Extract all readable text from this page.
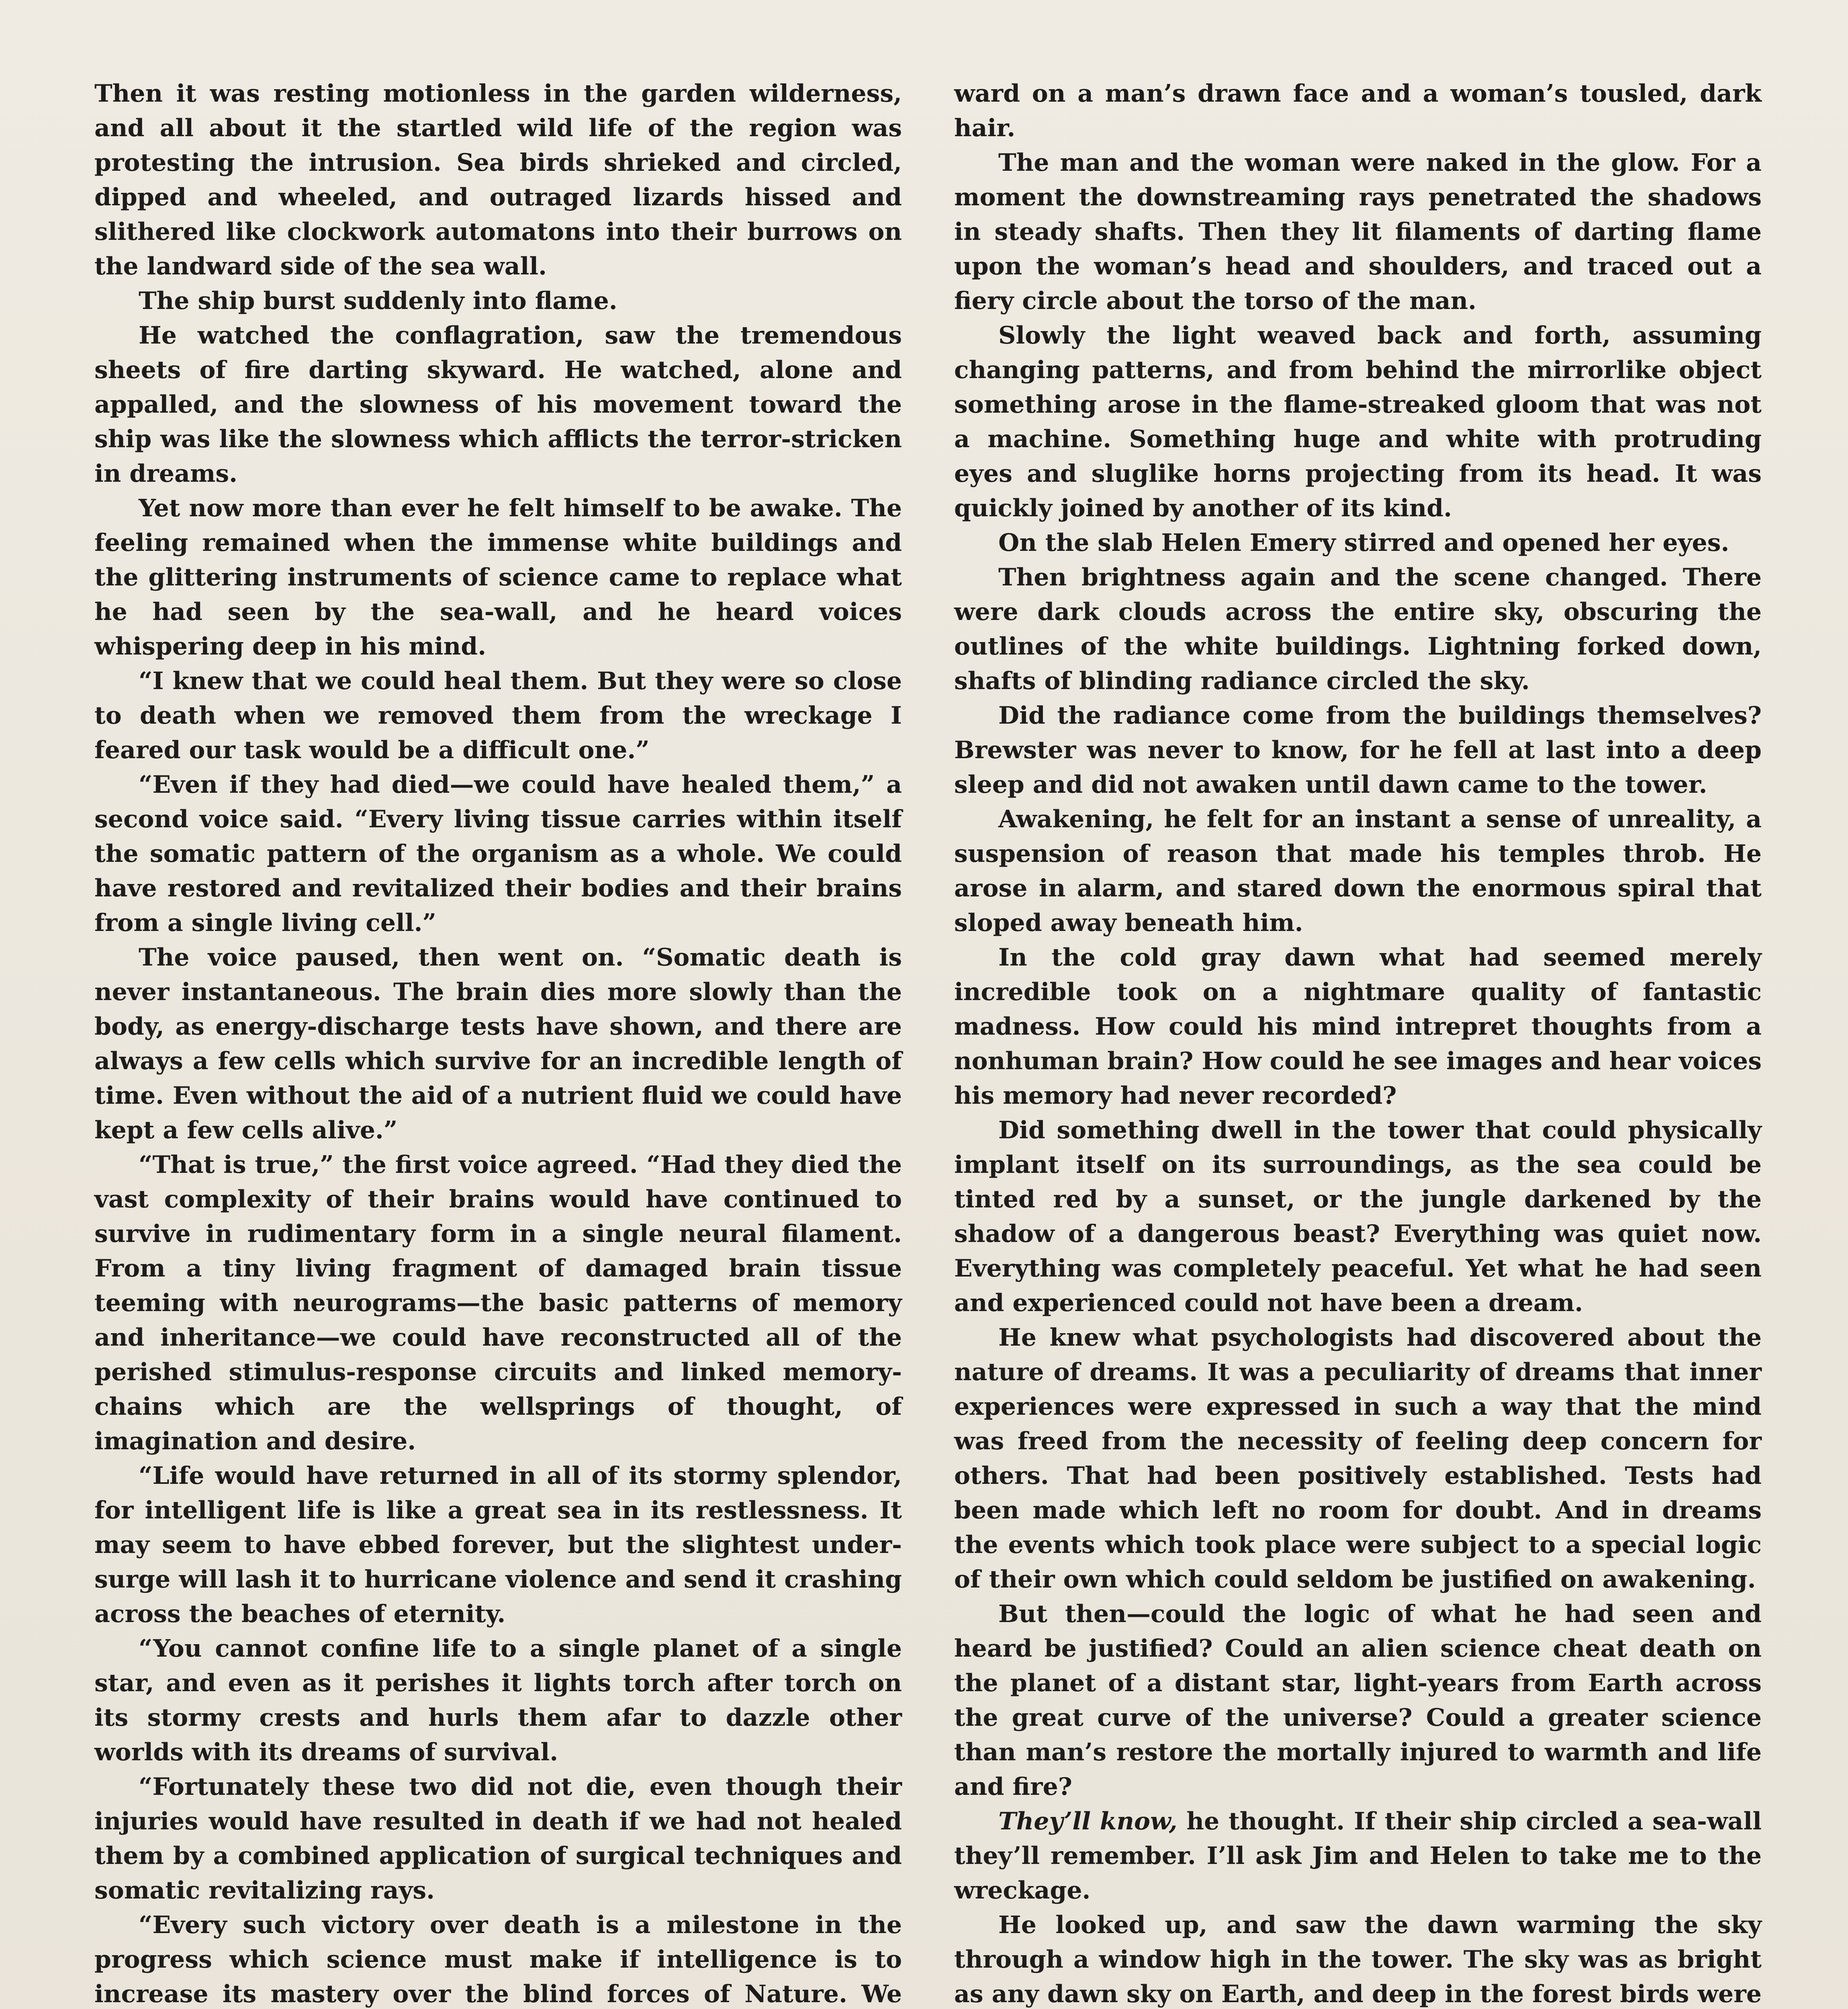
Then it was resting motionless in the garden wilderness, and all about it the startled wild life of the region was protesting the intrusion. Sea birds shrieked and circled, dipped and wheeled, and outraged lizards hissed and slithered like clockwork automatons into their burrows on the landward side of the sea wall.

The ship burst suddenly into flame.

He watched the conflagration, saw the tremendous sheets of fire darting skyward. He watched, alone and appalled, and the slowness of his movement toward the ship was like the slowness which afflicts the terror-stricken in dreams.

Yet now more than ever he felt himself to be awake. The feeling remained when the immense white buildings and the glittering instruments of science came to replace what he had seen by the sea-wall, and he heard voices whispering deep in his mind.

“I knew that we could heal them. But they were so close to death when we removed them from the wreckage I feared our task would be a difficult one.”

“Even if they had died—we could have healed them,” a second voice said. “Every living tissue carries within itself the somatic pattern of the organism as a whole. We could have restored and revitalized their bodies and their brains from a single living cell.”

The voice paused, then went on. “Somatic death is never instantaneous. The brain dies more slowly than the body, as energy-discharge tests have shown, and there are always a few cells which survive for an incredible length of time. Even without the aid of a nutrient fluid we could have kept a few cells alive.”

“That is true,” the first voice agreed. “Had they died the vast complexity of their brains would have continued to survive in rudimentary form in a single neural filament. From a tiny living fragment of damaged brain tissue teeming with neurograms—the basic patterns of memory and inheritance—we could have reconstructed all of the perished stimulus-response circuits and linked memory-chains which are the wellsprings of thought, of imagination and desire.

“Life would have returned in all of its stormy splendor, for intelligent life is like a great sea in its restlessness. It may seem to have ebbed forever, but the slightest under-surge will lash it to hurricane violence and send it crashing across the beaches of eternity.

“You cannot confine life to a single planet of a single star, and even as it perishes it lights torch after torch on its stormy crests and hurls them afar to dazzle other worlds with its dreams of survival.

“Fortunately these two did not die, even though their injuries would have resulted in death if we had not healed them by a combined application of surgical techniques and somatic revitalizing rays.

“Every such victory over death is a milestone in the progress which science must make if intelligence is to increase its mastery over the blind forces of Nature. We

ward on a man’s drawn face and a woman’s tousled, dark hair.

The man and the woman were naked in the glow. For a moment the downstreaming rays penetrated the shadows in steady shafts. Then they lit filaments of darting flame upon the woman’s head and shoulders, and traced out a fiery circle about the torso of the man.

Slowly the light weaved back and forth, assuming changing patterns, and from behind the mirrorlike object something arose in the flame-streaked gloom that was not a machine. Something huge and white with protruding eyes and sluglike horns projecting from its head. It was quickly joined by another of its kind.

On the slab Helen Emery stirred and opened her eyes.

Then brightness again and the scene changed. There were dark clouds across the entire sky, obscuring the outlines of the white buildings. Lightning forked down, shafts of blinding radiance circled the sky.

Did the radiance come from the buildings themselves? Brewster was never to know, for he fell at last into a deep sleep and did not awaken until dawn came to the tower.

Awakening, he felt for an instant a sense of unreality, a suspension of reason that made his temples throb. He arose in alarm, and stared down the enormous spiral that sloped away beneath him.

In the cold gray dawn what had seemed merely incredible took on a nightmare quality of fantastic madness. How could his mind intrepret thoughts from a nonhuman brain? How could he see images and hear voices his memory had never recorded?

Did something dwell in the tower that could physically implant itself on its surroundings, as the sea could be tinted red by a sunset, or the jungle darkened by the shadow of a dangerous beast? Everything was quiet now. Everything was completely peaceful. Yet what he had seen and experienced could not have been a dream.

He knew what psychologists had discovered about the nature of dreams. It was a peculiarity of dreams that inner experiences were expressed in such a way that the mind was freed from the necessity of feeling deep concern for others. That had been positively established. Tests had been made which left no room for doubt. And in dreams the events which took place were subject to a special logic of their own which could seldom be justified on awakening.

But then—could the logic of what he had seen and heard be justified? Could an alien science cheat death on the planet of a distant star, light-years from Earth across the great curve of the universe? Could a greater science than man’s restore the mortally injured to warmth and life and fire?

They’ll know, he thought. If their ship circled a sea-wall they’ll remember. I’ll ask Jim and Helen to take me to the wreckage.

He looked up, and saw the dawn warming the sky through a window high in the tower. The sky was as bright as any dawn sky on Earth, and deep in the forest birds were
